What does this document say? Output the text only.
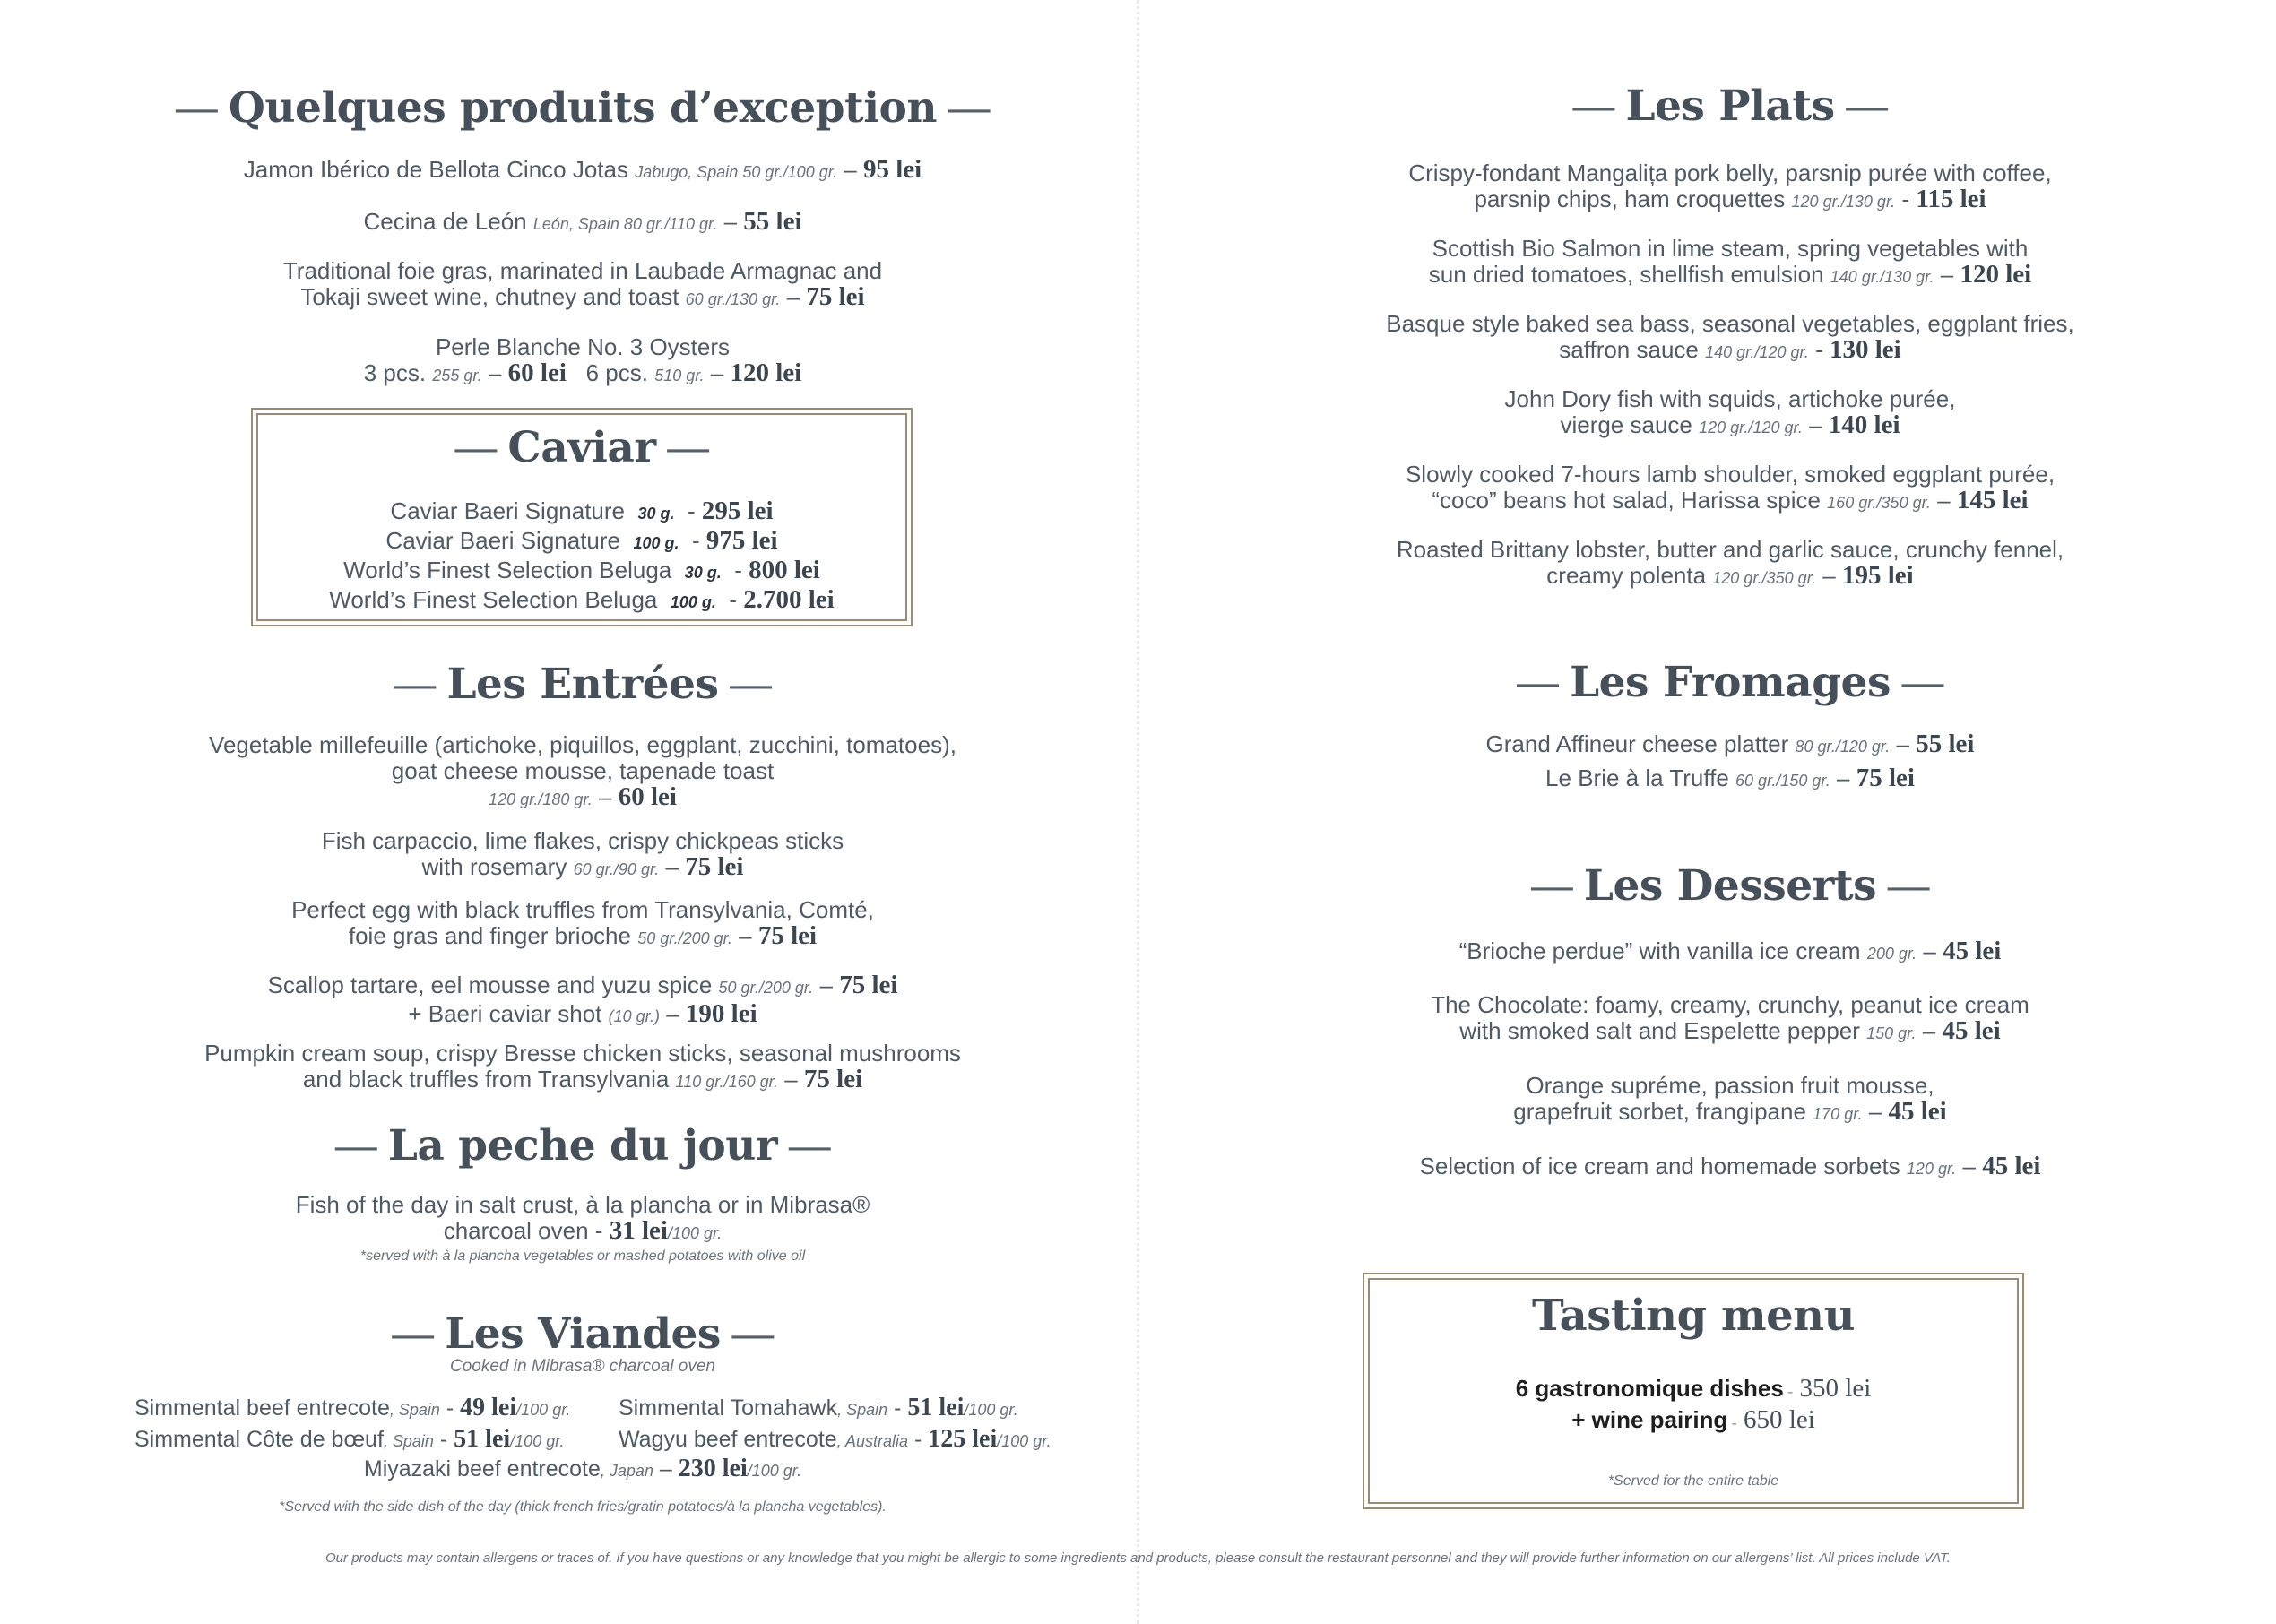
— Quelques produits d’exception —
Jamon Ibérico de Bellota Cinco Jotas Jabugo, Spain 50 gr./100 gr. – 95 lei
Cecina de León León, Spain 80 gr./110 gr. – 55 lei
Traditional foie gras, marinated in Laubade Armagnac and
Tokaji sweet wine, chutney and toast 60 gr./130 gr. – 75 lei
Perle Blanche No. 3 Oysters
3 pcs. 255 gr. – 60 lei 6 pcs. 510 gr. – 120 lei
— Caviar —
Caviar Baeri Signature 30 g. - 295 lei
Caviar Baeri Signature 100 g. - 975 lei
World’s Finest Selection Beluga 30 g. - 800 lei
World’s Finest Selection Beluga 100 g. - 2.700 lei
— Les Entrées —
Vegetable millefeuille (artichoke, piquillos, eggplant, zucchini, tomatoes),
goat cheese mousse, tapenade toast
120 gr./180 gr. – 60 lei
Fish carpaccio, lime flakes, crispy chickpeas sticks
with rosemary 60 gr./90 gr. – 75 lei
Perfect egg with black truffles from Transylvania, Comté,
foie gras and finger brioche 50 gr./200 gr. – 75 lei
Scallop tartare, eel mousse and yuzu spice 50 gr./200 gr. – 75 lei
+ Baeri caviar shot (10 gr.) – 190 lei
Pumpkin cream soup, crispy Bresse chicken sticks, seasonal mushrooms
and black truffles from Transylvania 110 gr./160 gr. – 75 lei
— La peche du jour —
Fish of the day in salt crust, à la plancha or in Mibrasa®
charcoal oven - 31 lei/100 gr.
*served with à la plancha vegetables or mashed potatoes with olive oil
— Les Viandes —
Cooked in Mibrasa® charcoal oven
Simmental beef entrecote, Spain - 49 lei/100 gr. Simmental Tomahawk, Spain - 51 lei/100 gr.
Simmental Côte de bœuf, Spain - 51 lei/100 gr. Wagyu beef entrecote, Australia - 125 lei/100 gr.
Miyazaki beef entrecote, Japan – 230 lei/100 gr.
*Served with the side dish of the day (thick french fries/gratin potatoes/à la plancha vegetables).
— Les Plats —
Crispy-fondant Mangalița pork belly, parsnip purée with coffee,
parsnip chips, ham croquettes 120 gr./130 gr. - 115 lei
Scottish Bio Salmon in lime steam, spring vegetables with
sun dried tomatoes, shellfish emulsion 140 gr./130 gr. – 120 lei
Basque style baked sea bass, seasonal vegetables, eggplant fries,
saffron sauce 140 gr./120 gr. - 130 lei
John Dory fish with squids, artichoke purée,
vierge sauce 120 gr./120 gr. – 140 lei
Slowly cooked 7-hours lamb shoulder, smoked eggplant purée,
“coco” beans hot salad, Harissa spice 160 gr./350 gr. – 145 lei
Roasted Brittany lobster, butter and garlic sauce, crunchy fennel,
creamy polenta 120 gr./350 gr. – 195 lei
— Les Fromages —
Grand Affineur cheese platter 80 gr./120 gr. – 55 lei
Le Brie à la Truffe 60 gr./150 gr. – 75 lei
— Les Desserts —
“Brioche perdue” with vanilla ice cream 200 gr. – 45 lei
The Chocolate: foamy, creamy, crunchy, peanut ice cream
with smoked salt and Espelette pepper 150 gr. – 45 lei
Orange supréme, passion fruit mousse,
grapefruit sorbet, frangipane 170 gr. – 45 lei
Selection of ice cream and homemade sorbets 120 gr. – 45 lei
Tasting menu
6 gastronomique dishes - 350 lei
+ wine pairing - 650 lei
*Served for the entire table
Our products may contain allergens or traces of. If you have questions or any knowledge that you might be allergic to some ingredients and products, please consult the restaurant personnel and they will provide further information on our allergens’ list. All prices include VAT.
